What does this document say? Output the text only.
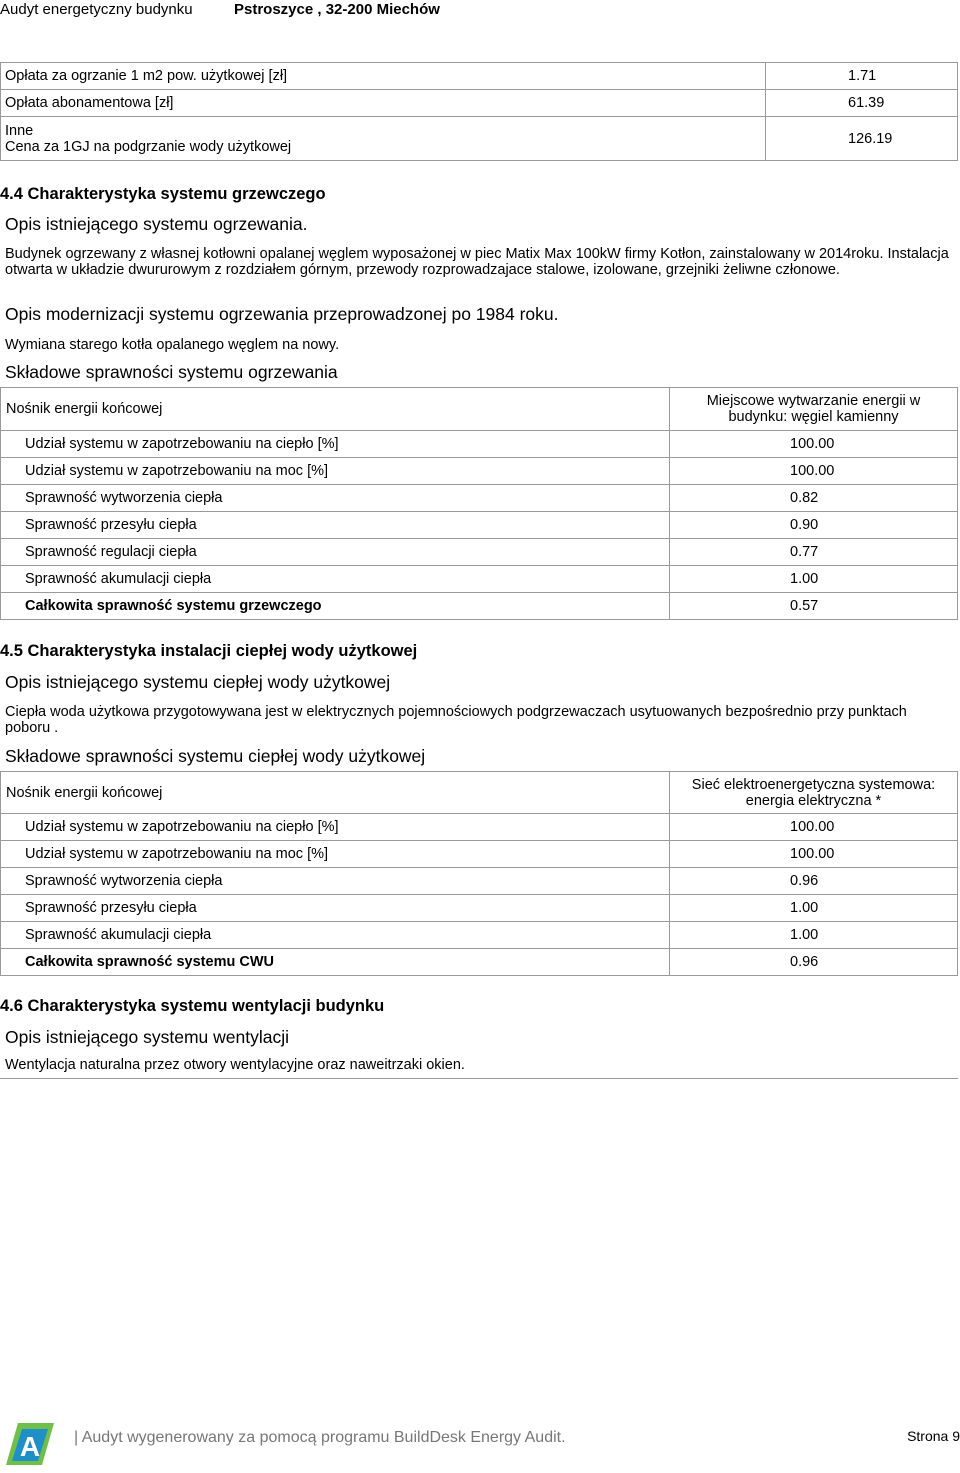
Audyt energetyczny budynku	Pstroszyce , 32-200 Miechów
Opłata za ogrzanie 1 m2 pow. użytkowej [zł]	1.71
Opłata abonamentowa [zł]	61.39

Inne
Cena za 1GJ na podgrzanie wody użytkowej	126.19
4.4 Charakterystyka systemu grzewczego
Opis istniejącego systemu ogrzewania.
Budynek ogrzewany z własnej kotłowni opalanej węglem wyposażonej w piec Matix Max 100kW firmy Kotłon, zainstalowany w 2014roku. Instalacja otwarta w układzie dwururowym z rozdziałem górnym, przewody rozprowadzajace stalowe, izolowane, grzejniki żeliwne członowe.
Opis modernizacji systemu ogrzewania przeprowadzonej po 1984 roku.
Wymiana starego kotła opalanego węglem na nowy.
Składowe sprawności systemu ogrzewania
Nośnik energii końcowej	Miejscowe wytwarzanie energii w budynku: węgiel kamienny
Udział systemu w zapotrzebowaniu na ciepło [%]	100.00
Udział systemu w zapotrzebowaniu na moc [%]	100.00
Sprawność wytworzenia ciepła	0.82
Sprawność przesyłu ciepła	0.90
Sprawność regulacji ciepła	0.77
Sprawność akumulacji ciepła	1.00
Całkowita sprawność systemu grzewczego	0.57
4.5 Charakterystyka instalacji ciepłej wody użytkowej
Opis istniejącego systemu ciepłej wody użytkowej
Ciepła woda użytkowa przygotowywana jest w elektrycznych pojemnościowych podgrzewaczach usytuowanych bezpośrednio przy punktach poboru .
Składowe sprawności systemu ciepłej wody użytkowej
Nośnik energii końcowej	Sieć elektroenergetyczna systemowa: energia elektryczna *
Udział systemu w zapotrzebowaniu na ciepło [%]	100.00
Udział systemu w zapotrzebowaniu na moc [%]	100.00
Sprawność wytworzenia ciepła	0.96
Sprawność przesyłu ciepła	1.00
Sprawność akumulacji ciepła	1.00
Całkowita sprawność systemu CWU	0.96
4.6 Charakterystyka systemu wentylacji budynku
Opis istniejącego systemu wentylacji
Wentylacja naturalna przez otwory wentylacyjne oraz naweitrzaki okien.
A | Audyt wygenerowany za pomocą programu BuildDesk Energy Audit.	Strona 9
